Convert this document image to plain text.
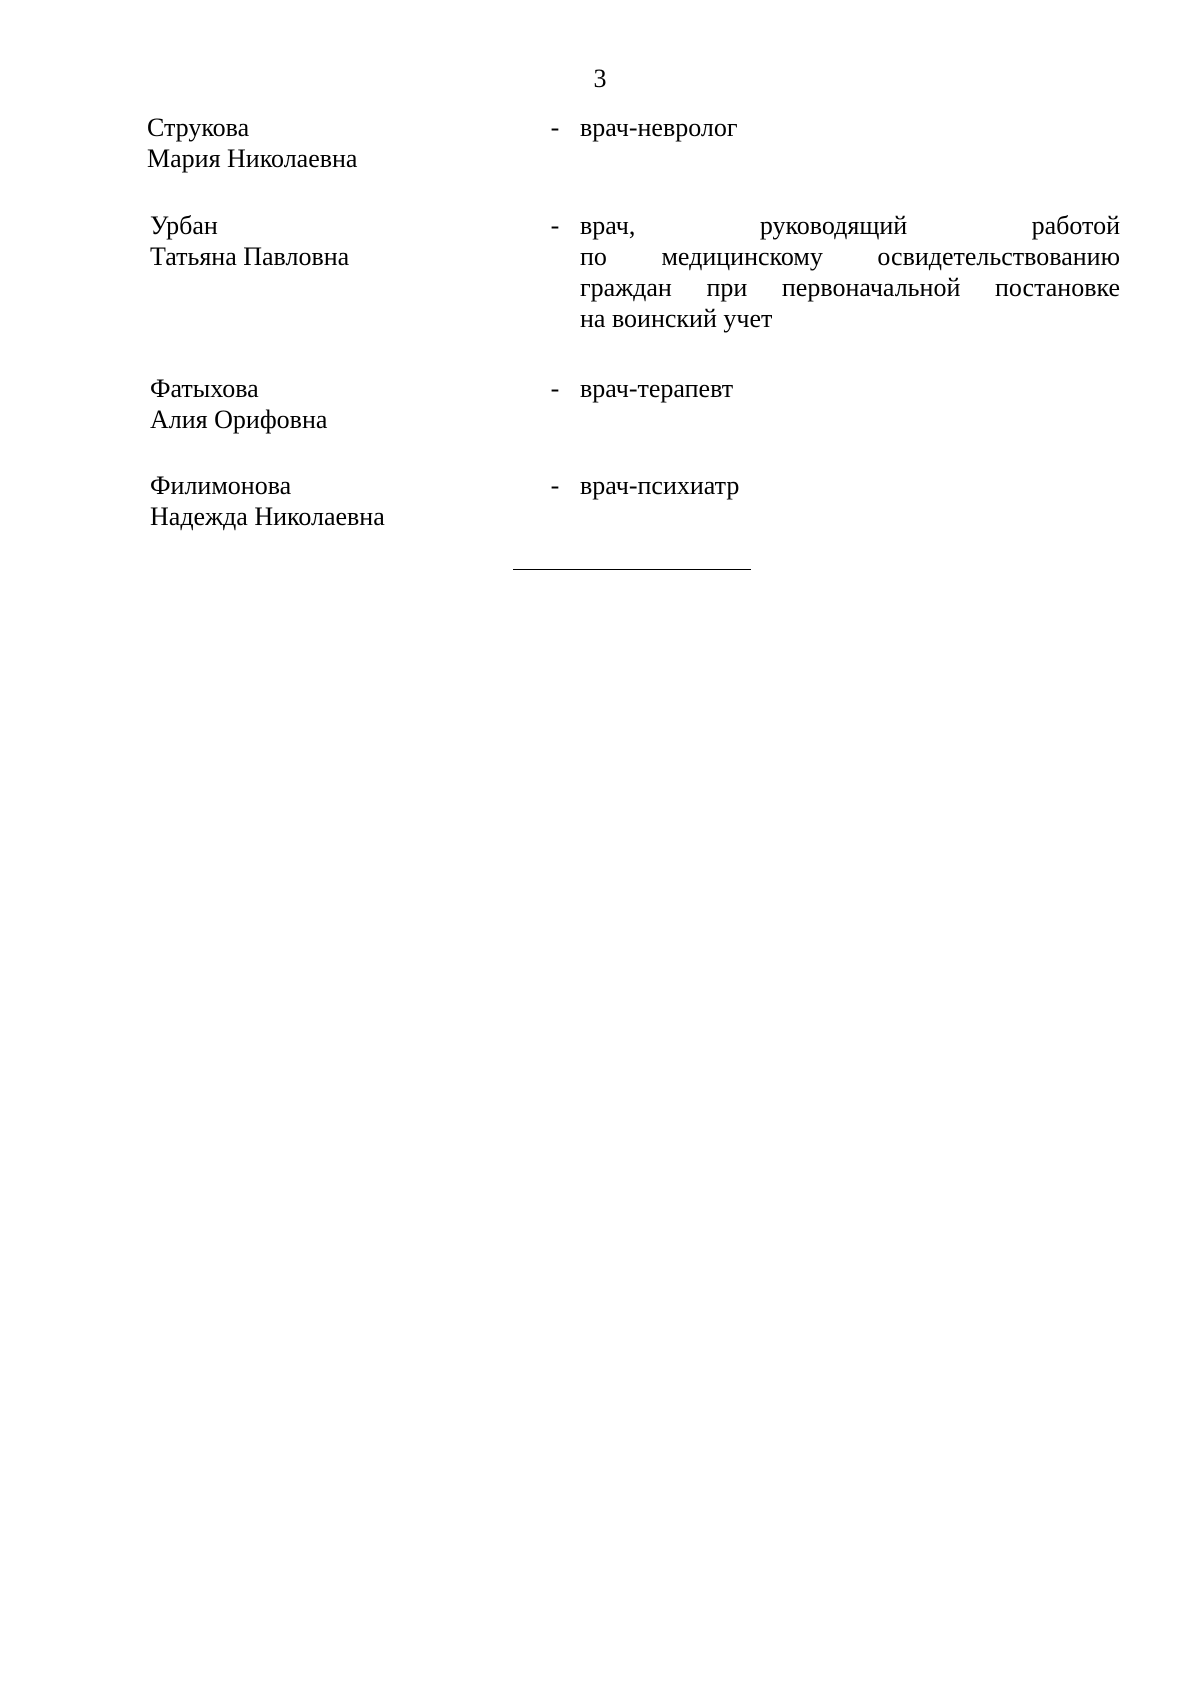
3
Струкова
Мария Николаевна
- врач-невролог
Урбан
Татьяна Павловна
- врач, руководящий работой
по медицинскому освидетельствованию
граждан при первоначальной постановке
на воинский учет
Фатыхова
Алия Орифовна
- врач-терапевт
Филимонова
Надежда Николаевна
- врач-психиатр
